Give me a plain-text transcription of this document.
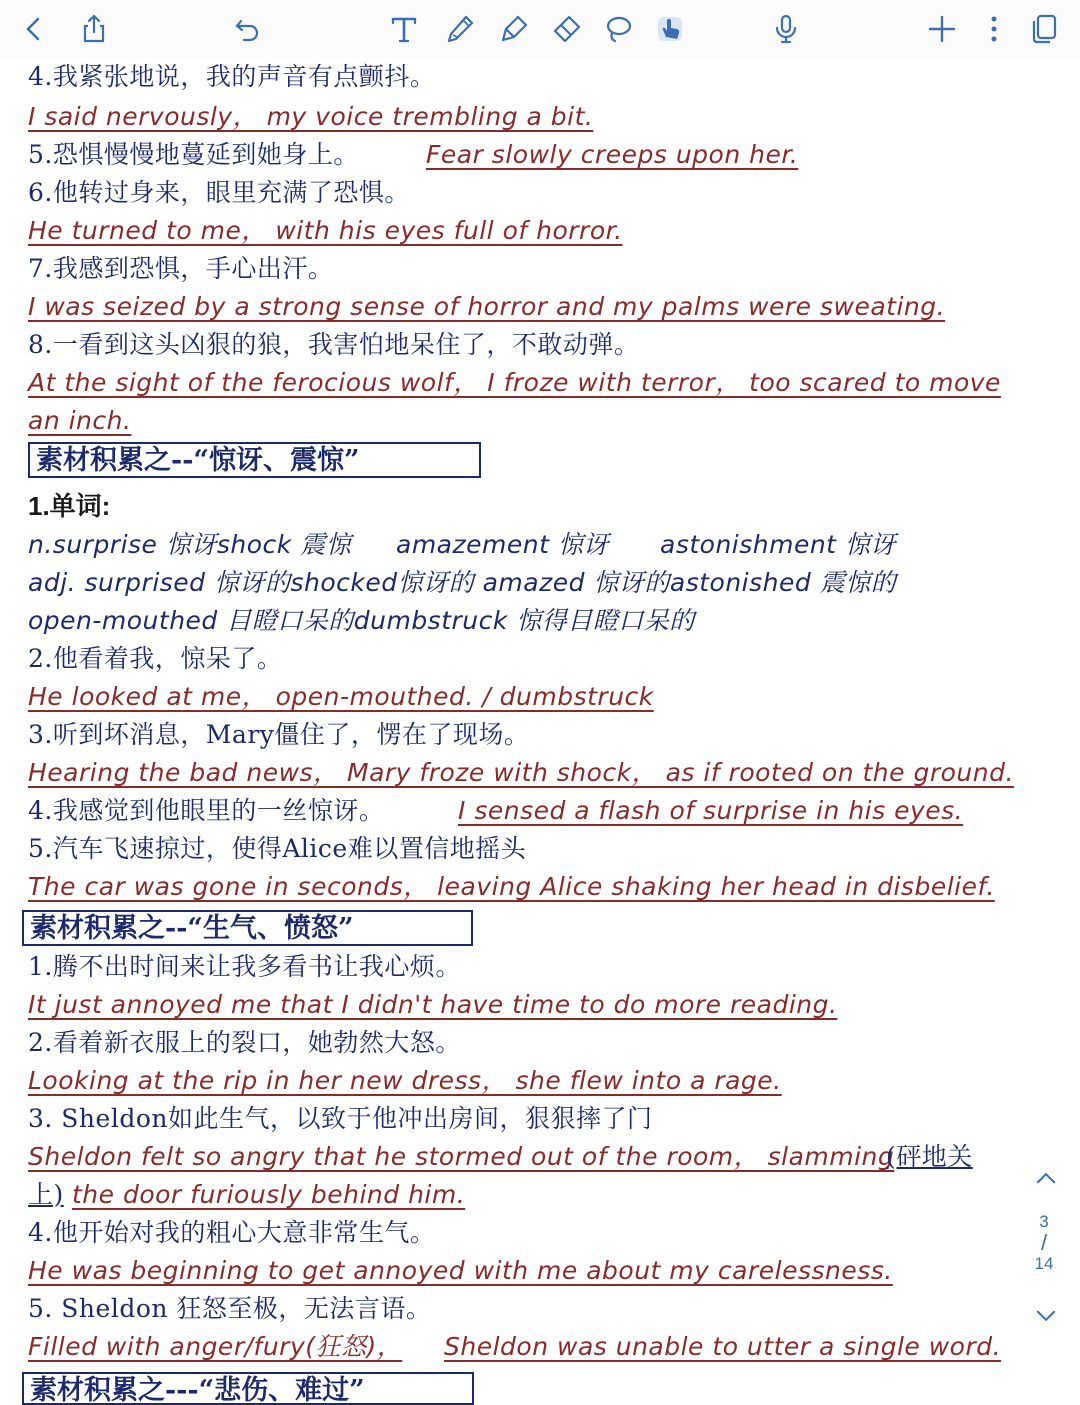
4.我紧张地说，我的声音有点颤抖。
I said nervously， my voice trembling a bit.
5.恐惧慢慢地蔓延到她身上。	Fear slowly creeps upon her.
6.他转过身来，眼里充满了恐惧。
He turned to me， with his eyes full of horror.
7.我感到恐惧，手心出汗。
I was seized by a strong sense of horror and my palms were sweating.
8.一看到这头凶狠的狼，我害怕地呆住了，不敢动弹。
At the sight of the ferocious wolf， I froze with terror， too scared to move
an inch.
素材积累之--“惊讶、震惊”
1.单词:
n.surprise 惊讶shock 震惊 amazement 惊讶 astonishment 惊讶
adj. surprised 惊讶的shocked惊讶的 amazed 惊讶的astonished 震惊的
open-mouthed 目瞪口呆的dumbstruck 惊得目瞪口呆的
2.他看着我，惊呆了。
He looked at me， open-mouthed. / dumbstruck
3.听到坏消息，Mary僵住了，愣在了现场。
Hearing the bad news， Mary froze with shock， as if rooted on the ground.
4.我感觉到他眼里的一丝惊讶。	I sensed a flash of surprise in his eyes.
5.汽车飞速掠过，使得Alice难以置信地摇头
The car was gone in seconds， leaving Alice shaking her head in disbelief.
素材积累之--“生气、愤怒”
1.腾不出时间来让我多看书让我心烦。
It just annoyed me that I didn't have time to do more reading.
2.看着新衣服上的裂口，她勃然大怒。
Looking at the rip in her new dress， she flew into a rage.
3. Sheldon如此生气，以致于他冲出房间，狠狠摔了门
Sheldon felt so angry that he stormed out of the room， slamming
(砰地关
上) the door furiously behind him.
4.他开始对我的粗心大意非常生气。
He was beginning to get annoyed with me about my carelessness.
5. Sheldon 狂怒至极，无法言语。
Filled with anger/fury(狂怒)， Sheldon was unable to utter a single word.
素材积累之---“悲伤、难过”
3
/
14
